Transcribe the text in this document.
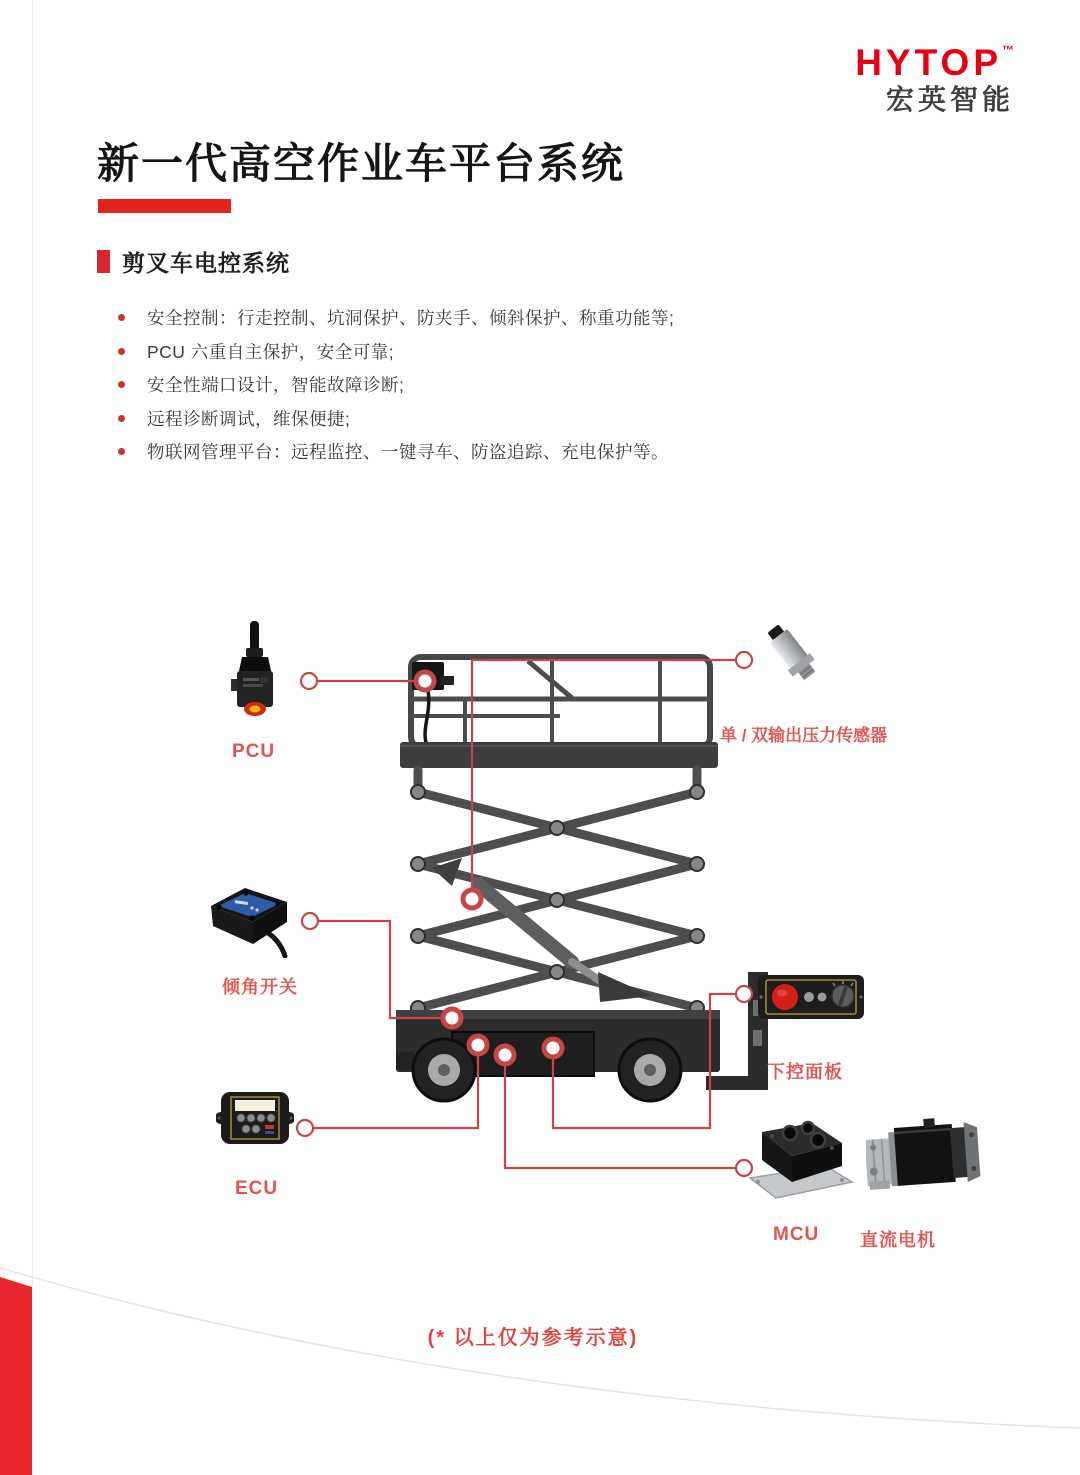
HYTOP™
宏英智能
新一代高空作业车平台系统
剪叉车电控系统
安全控制：行走控制、坑洞保护、防夹手、倾斜保护、称重功能等;
PCU 六重自主保护，安全可靠;
安全性端口设计，智能故障诊断;
远程诊断调试，维保便捷;
物联网管理平台：远程监控、一键寻车、防盗追踪、充电保护等。
PCU
单 / 双输出压力传感器
倾角开关
下控面板
ECU
MCU 直流电机
(* 以上仅为参考示意)
